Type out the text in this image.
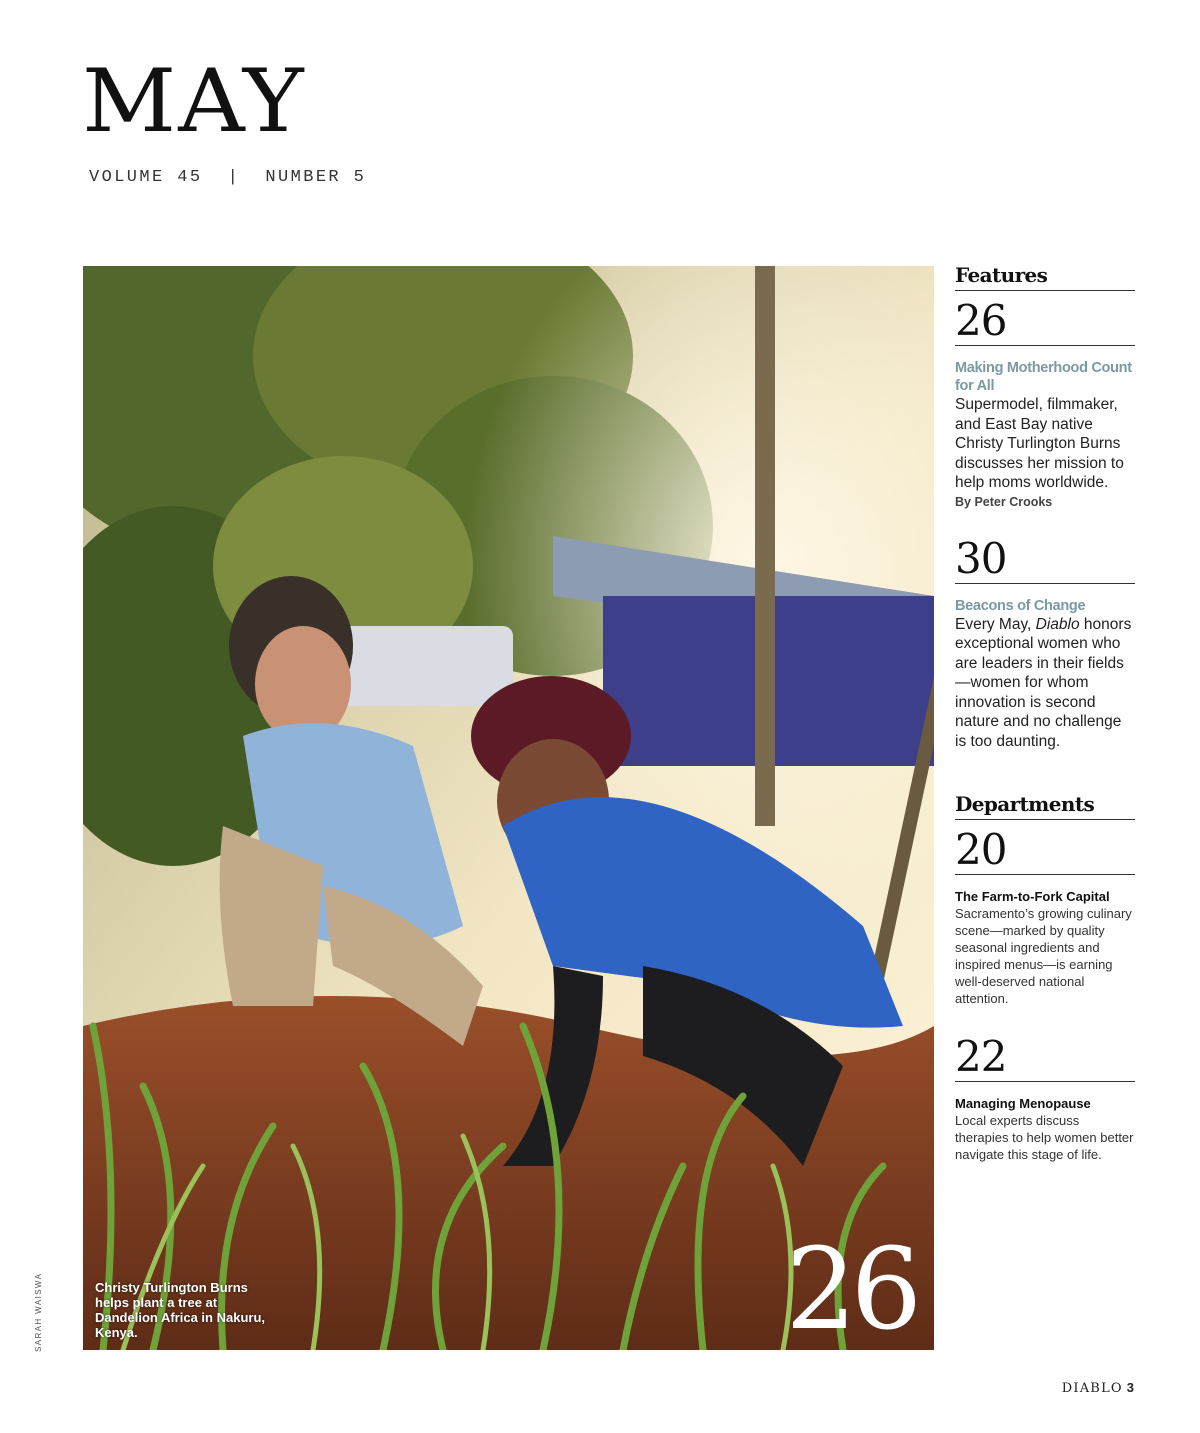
MAY
VOLUME 45  |  NUMBER 5
Christy Turlington Burns helps plant a tree at Dandelion Africa in Nakuru, Kenya.	26
SARAH WAISWA
Features
26
Making Motherhood Count for All
Supermodel, filmmaker, and East Bay native Christy Turlington Burns discusses her mission to help moms worldwide.
By Peter Crooks
30
Beacons of Change
Every May, Diablo honors exceptional women who are leaders in their fields—women for whom innovation is second nature and no challenge is too daunting.
Departments
20
The Farm-to-Fork Capital
Sacramento’s growing culinary scene—marked by quality seasonal ingredients and inspired menus—is earning well-deserved national attention.
22
Managing Menopause
Local experts discuss therapies to help women better navigate this stage of life.
DIABLO 3
